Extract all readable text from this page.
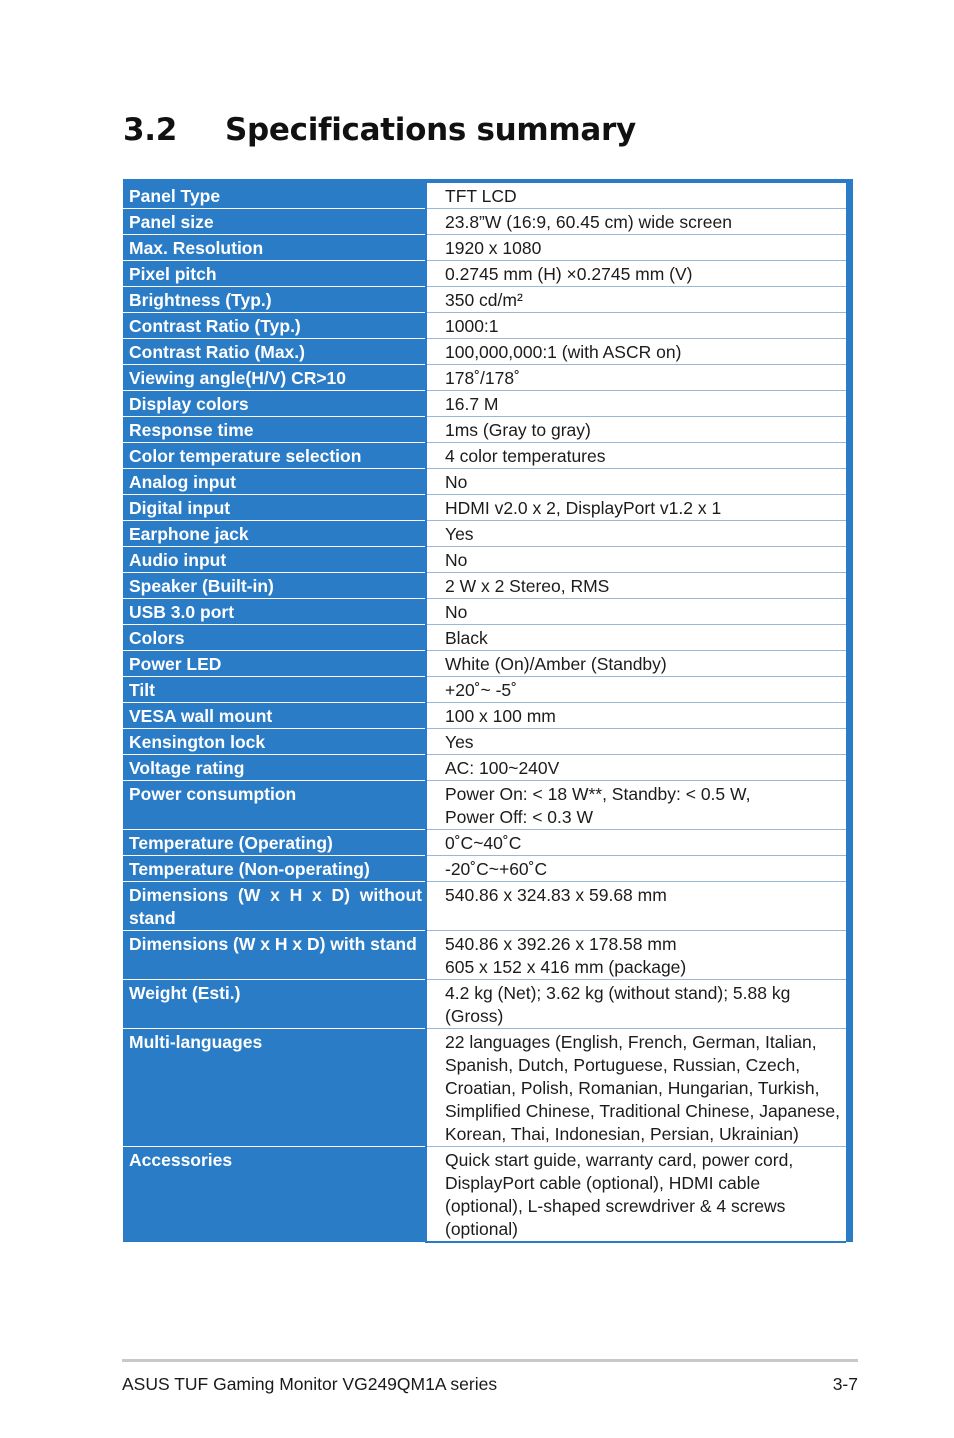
3.2 Specifications summary
Panel Type	TFT LCD	
Panel size	23.8”W (16:9, 60.45 cm) wide screen	
Max. Resolution	1920 x 1080	
Pixel pitch	0.2745 mm (H) ×0.2745 mm (V)	
Brightness (Typ.)	350 cd/m²	
Contrast Ratio (Typ.)	1000:1	
Contrast Ratio (Max.)	100,000,000:1 (with ASCR on)	
Viewing angle(H/V) CR>10	178˚/178˚	
Display colors	16.7 M	
Response time	1ms (Gray to gray)	
Color temperature selection	4 color temperatures	
Analog input	No	
Digital input	HDMI v2.0 x 2, DisplayPort v1.2 x 1	
Earphone jack	Yes	
Audio input	No	
Speaker (Built-in)	2 W x 2 Stereo, RMS	
USB 3.0 port	No	
Colors	Black	
Power LED	White (On)/Amber (Standby)	
Tilt	+20˚~ -5˚	
VESA wall mount	100 x 100 mm	
Kensington lock	Yes	
Voltage rating	AC: 100~240V	
Power consumption	Power On: < 18 W**, Standby: < 0.5 W,
Power Off: < 0.3 W	
Temperature (Operating)	0˚C~40˚C	
Temperature (Non-operating)	-20˚C~+60˚C	
Dimensions (W x H x D) without stand	540.86 x 324.83 x 59.68 mm	
Dimensions (W x H x D) with stand	540.86 x 392.26 x 178.58 mm
605 x 152 x 416 mm (package)	
Weight (Esti.)	4.2 kg (Net); 3.62 kg (without stand); 5.88 kg (Gross)	
Multi-languages	22 languages (English, French, German, Italian, Spanish, Dutch, Portuguese, Russian, Czech, Croatian, Polish, Romanian, Hungarian, Turkish, Simplified Chinese, Traditional Chinese, Japanese, Korean, Thai, Indonesian, Persian, Ukrainian)	
Accessories	Quick start guide, warranty card, power cord, DisplayPort cable (optional), HDMI cable (optional), L-shaped screwdriver & 4 screws (optional)	
ASUS TUF Gaming Monitor VG249QM1A series	3-7
